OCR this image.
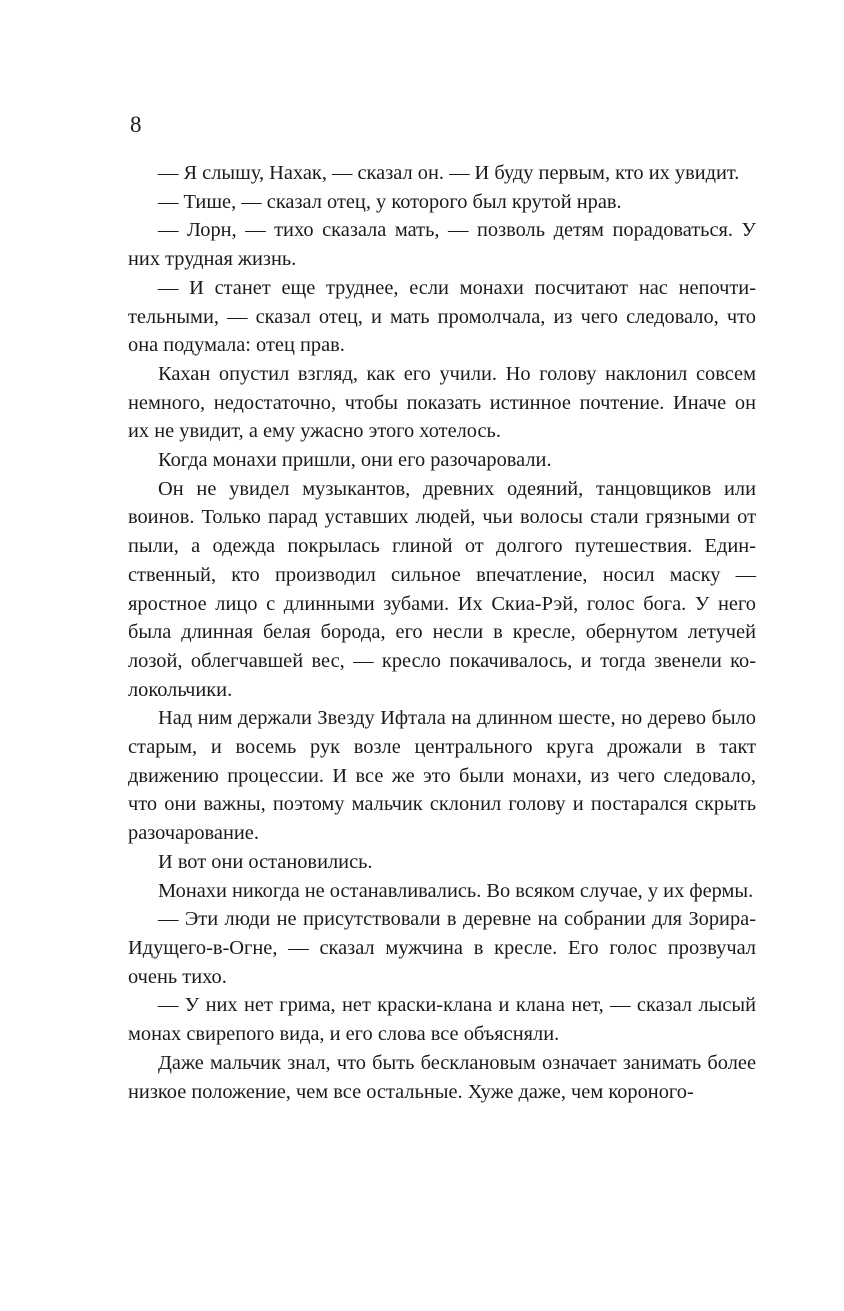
8

— Я слышу, Нахак, — сказал он. — И буду первым, кто их увидит.

— Тише, — сказал отец, у которого был крутой нрав.

— Лорн, — тихо сказала мать, — позволь детям порадоваться. У них трудная жизнь.

— И станет еще труднее, если монахи посчитают нас непочтительными, — сказал отец, и мать промолчала, из чего следовало, что она подумала: отец прав.

Кахан опустил взгляд, как его учили. Но голову наклонил совсем немного, недостаточно, чтобы показать истинное почтение. Иначе он их не увидит, а ему ужасно этого хотелось.

Когда монахи пришли, они его разочаровали.

Он не увидел музыкантов, древних одеяний, танцовщиков или воинов. Только парад уставших людей, чьи волосы стали грязными от пыли, а одежда покрылась глиной от долгого путешествия. Единственный, кто производил сильное впечатление, носил маску — яростное лицо с длинными зубами. Их Скиа-Рэй, голос бога. У него была длинная белая борода, его несли в кресле, обернутом летучей лозой, облегчавшей вес, — кресло покачивалось, и тогда звенели колокольчики.

Над ним держали Звезду Ифтала на длинном шесте, но дерево было старым, и восемь рук возле центрального круга дрожали в такт движению процессии. И все же это были монахи, из чего следовало, что они важны, поэтому мальчик склонил голову и постарался скрыть разочарование.

И вот они остановились.

Монахи никогда не останавливались. Во всяком случае, у их фермы.

— Эти люди не присутствовали в деревне на собрании для Зорира-Идущего-в-Огне, — сказал мужчина в кресле. Его голос прозвучал очень тихо.

— У них нет грима, нет краски-клана и клана нет, — сказал лысый монах свирепого вида, и его слова все объясняли.

Даже мальчик знал, что быть бесклановым означает занимать более низкое положение, чем все остальные. Хуже даже, чем короного-
